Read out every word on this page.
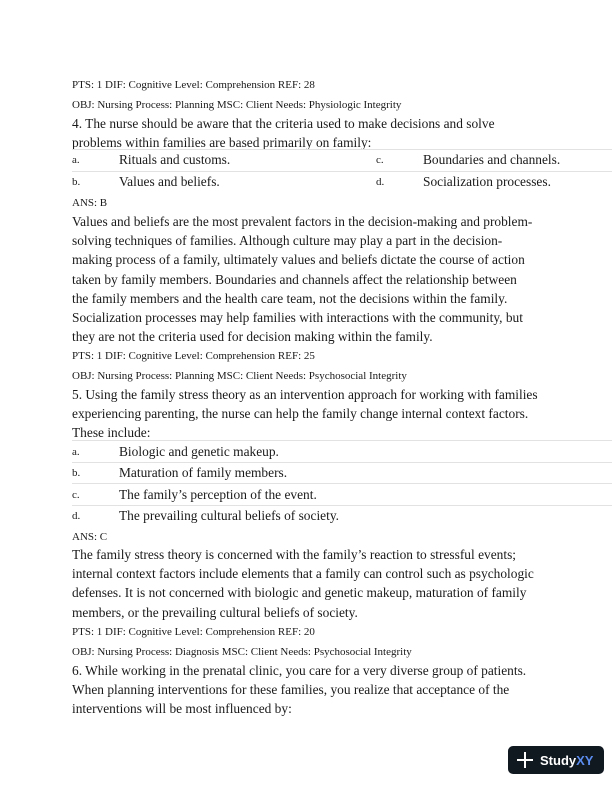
PTS: 1 DIF: Cognitive Level: Comprehension REF: 28
OBJ: Nursing Process: Planning MSC: Client Needs: Physiologic Integrity
4. The nurse should be aware that the criteria used to make decisions and solve
problems within families are based primarily on family:
a.	Rituals and customs.	c.	Boundaries and channels.
b.	Values and beliefs.	d.	Socialization processes.
ANS: B
Values and beliefs are the most prevalent factors in the decision-making and problem-
solving techniques of families. Although culture may play a part in the decision-
making process of a family, ultimately values and beliefs dictate the course of action
taken by family members. Boundaries and channels affect the relationship between
the family members and the health care team, not the decisions within the family.
Socialization processes may help families with interactions with the community, but
they are not the criteria used for decision making within the family.
PTS: 1 DIF: Cognitive Level: Comprehension REF: 25
OBJ: Nursing Process: Planning MSC: Client Needs: Psychosocial Integrity
5. Using the family stress theory as an intervention approach for working with families
experiencing parenting, the nurse can help the family change internal context factors.
These include:
a.	Biologic and genetic makeup.
b.	Maturation of family members.
c.	The family’s perception of the event.
d.	The prevailing cultural beliefs of society.
ANS: C
The family stress theory is concerned with the family’s reaction to stressful events;
internal context factors include elements that a family can control such as psychologic
defenses. It is not concerned with biologic and genetic makeup, maturation of family
members, or the prevailing cultural beliefs of society.
PTS: 1 DIF: Cognitive Level: Comprehension REF: 20
OBJ: Nursing Process: Diagnosis MSC: Client Needs: Psychosocial Integrity
6. While working in the prenatal clinic, you care for a very diverse group of patients.
When planning interventions for these families, you realize that acceptance of the
interventions will be most influenced by:
StudyXY
